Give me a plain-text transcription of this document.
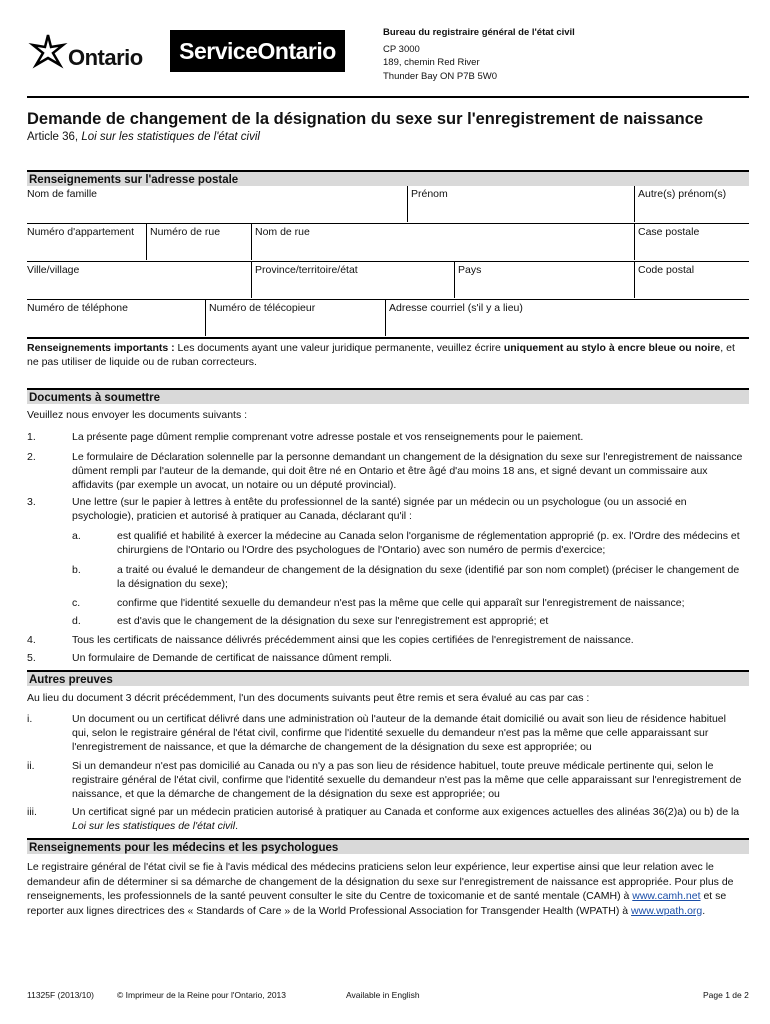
Ontario	ServiceOntario
Bureau du registraire général de l'état civil
CP 3000
189, chemin Red River
Thunder Bay ON P7B 5W0
Demande de changement de la désignation du sexe sur l'enregistrement de naissance
Article 36, Loi sur les statistiques de l'état civil
Renseignements sur l'adresse postale
Nom de famille	Prénom	Autre(s) prénom(s)
Numéro d'appartement	Numéro de rue	Nom de rue	Case postale
Ville/village	Province/territoire/état	Pays	Code postal
Numéro de téléphone	Numéro de télécopieur	Adresse courriel (s'il y a lieu)
Renseignements importants : Les documents ayant une valeur juridique permanente, veuillez écrire uniquement au stylo à encre bleue ou noire, et ne pas utiliser de liquide ou de ruban correcteurs.
Documents à soumettre
Veuillez nous envoyer les documents suivants :
1.	La présente page dûment remplie comprenant votre adresse postale et vos renseignements pour le paiement.
2.	Le formulaire de Déclaration solennelle par la personne demandant un changement de la désignation du sexe sur l'enregistrement de naissance dûment rempli par l'auteur de la demande, qui doit être né en Ontario et être âgé d'au moins 18 ans, et signé devant un commissaire aux affidavits (par exemple un avocat, un notaire ou un député provincial).
3.	Une lettre (sur le papier à lettres à entête du professionnel de la santé) signée par un médecin ou un psychologue (ou un associé en psychologie), praticien et autorisé à pratiquer au Canada, déclarant qu'il :
a.	est qualifié et habilité à exercer la médecine au Canada selon l'organisme de réglementation approprié (p. ex. l'Ordre des médecins et chirurgiens de l'Ontario ou l'Ordre des psychologues de l'Ontario) avec son numéro de permis d'exercice;
b.	a traité ou évalué le demandeur de changement de la désignation du sexe (identifié par son nom complet) (préciser le changement de la désignation du sexe);
c.	confirme que l'identité sexuelle du demandeur n'est pas la même que celle qui apparaît sur l'enregistrement de naissance;
d.	est d'avis que le changement de la désignation du sexe sur l'enregistrement est approprié; et
4.	Tous les certificats de naissance délivrés précédemment ainsi que les copies certifiées de l'enregistrement de naissance.
5.	Un formulaire de Demande de certificat de naissance dûment rempli.
Autres preuves
Au lieu du document 3 décrit précédemment, l'un des documents suivants peut être remis et sera évalué au cas par cas :
i.	Un document ou un certificat délivré dans une administration où l'auteur de la demande était domicilié ou avait son lieu de résidence habituel qui, selon le registraire général de l'état civil, confirme que l'identité sexuelle du demandeur n'est pas la même que celle apparaissant sur l'enregistrement de naissance, et que la démarche de changement de la désignation du sexe est appropriée; ou
ii.	Si un demandeur n'est pas domicilié au Canada ou n'y a pas son lieu de résidence habituel, toute preuve médicale pertinente qui, selon le registraire général de l'état civil, confirme que l'identité sexuelle du demandeur n'est pas la même que celle apparaissant sur l'enregistrement de naissance, et que la démarche de changement de la désignation du sexe est appropriée; ou
iii.	Un certificat signé par un médecin praticien autorisé à pratiquer au Canada et conforme aux exigences actuelles des alinéas 36(2)a) ou b) de la Loi sur les statistiques de l'état civil.
Renseignements pour les médecins et les psychologues
Le registraire général de l'état civil se fie à l'avis médical des médecins praticiens selon leur expérience, leur expertise ainsi que leur relation avec le demandeur afin de déterminer si sa démarche de changement de la désignation du sexe sur l'enregistrement de naissance est appropriée. Pour plus de renseignements, les professionnels de la santé peuvent consulter le site du Centre de toxicomanie et de santé mentale (CAMH) à www.camh.net et se reporter aux lignes directrices des « Standards of Care » de la World Professional Association for Transgender Health (WPATH) à www.wpath.org.
11325F (2013/10)	© Imprimeur de la Reine pour l'Ontario, 2013	Available in English	Page 1 de 2
